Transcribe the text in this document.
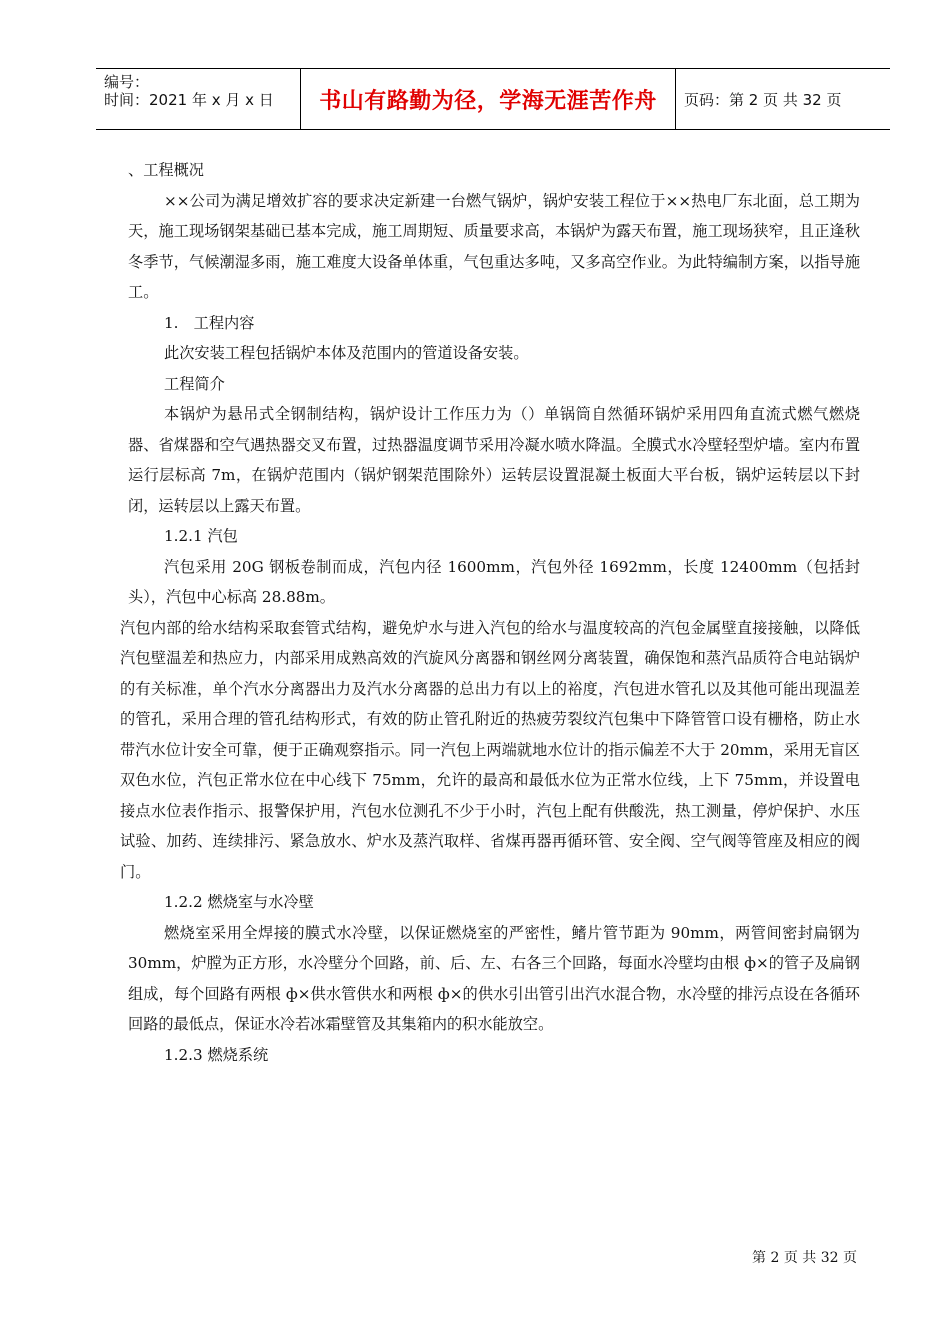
编号：
时间：2021 年 x 月 x 日 书山有路勤为径，学海无涯苦作舟 页码：第 2 页 共 32 页

、工程概况

××公司为满足增效扩容的要求决定新建一台燃气锅炉，锅炉安装工程位于××热电厂东北面，总工期为天，施工现场钢架基础已基本完成，施工周期短、质量要求高，本锅炉为露天布置，施工现场狭窄，且正逢秋冬季节，气候潮湿多雨，施工难度大设备单体重，气包重达多吨，又多高空作业。为此特编制方案，以指导施工。

1.　工程内容

此次安装工程包括锅炉本体及范围内的管道设备安装。

工程简介

本锅炉为悬吊式全钢制结构，锅炉设计工作压力为（）单锅筒自然循环锅炉采用四角直流式燃气燃烧器、省煤器和空气遇热器交叉布置，过热器温度调节采用冷凝水喷水降温。全膜式水冷壁轻型炉墙。室内布置运行层标高 7m，在锅炉范围内（锅炉钢架范围除外）运转层设置混凝土板面大平台板，锅炉运转层以下封闭，运转层以上露天布置。

1.2.1 汽包

汽包采用 20G 钢板卷制而成，汽包内径 1600mm，汽包外径 1692mm，长度 12400mm（包括封头），汽包中心标高 28.88m。

汽包内部的给水结构采取套管式结构，避免炉水与进入汽包的给水与温度较高的汽包金属壁直接接触，以降低汽包壁温差和热应力，内部采用成熟高效的汽旋风分离器和钢丝网分离装置，确保饱和蒸汽品质符合电站锅炉的有关标准，单个汽水分离器出力及汽水分离器的总出力有以上的裕度，汽包进水管孔以及其他可能出现温差的管孔，采用合理的管孔结构形式，有效的防止管孔附近的热疲劳裂纹汽包集中下降管管口设有栅格，防止水带汽水位计安全可靠，便于正确观察指示。同一汽包上两端就地水位计的指示偏差不大于 20mm，采用无盲区双色水位，汽包正常水位在中心线下 75mm，允许的最高和最低水位为正常水位线，上下 75mm，并设置电接点水位表作指示、报警保护用，汽包水位测孔不少于小时，汽包上配有供酸洗，热工测量，停炉保护、水压试验、加药、连续排污、紧急放水、炉水及蒸汽取样、省煤再器再循环管、安全阀、空气阀等管座及相应的阀门。

1.2.2 燃烧室与水冷壁

燃烧室采用全焊接的膜式水冷壁，以保证燃烧室的严密性，鳍片管节距为 90mm，两管间密封扁钢为 30mm，炉膛为正方形，水冷壁分个回路，前、后、左、右各三个回路，每面水冷壁均由根 ф×的管子及扁钢组成，每个回路有两根 ф×供水管供水和两根 ф×的供水引出管引出汽水混合物，水冷壁的排污点设在各循环回路的最低点，保证水冷若冰霜壁管及其集箱内的积水能放空。

1.2.3 燃烧系统

第 2 页 共 32 页
